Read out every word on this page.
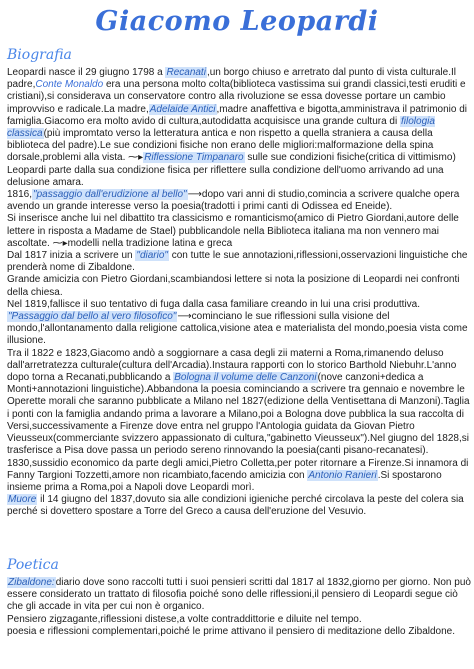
Giacomo Leopardi
Biografia

Leopardi nasce il 29 giugno 1798 a Recanati,un borgo chiuso e arretrato dal punto di vista culturale.Il padre,Conte Monaldo era una persona molto colta(biblioteca vastissima sui grandi classici,testi eruditi e cristiani),si considerava un conservatore contro alla rivoluzione se essa dovesse portare un cambio improvviso e radicale.La madre,Adelaide Antici,madre anaffettiva e bigotta,amministrava il patrimonio di famiglia.Giacomo era molto avido di cultura,autodidatta acquisisce una grande cultura di filologia classica(più impromtato verso la letteratura antica e non rispetto a quella straniera a causa della biblioteca del padre).Le sue condizioni fisiche non erano delle migliori:malformazione della spina dorsale,problemi alla vista. ⁓▸Riflessione Timpanaro sulle sue condizioni fisiche(critica di vittimismo)

Leopardi parte dalla sua condizione fisica per riflettere sulla condizione dell'uomo arrivando ad una delusione amara.

1816,"passaggio dall'erudizione al bello"⟶dopo vari anni di studio,comincia a scrivere qualche opera avendo un grande interesse verso la poesia(tradotti i primi canti di Odissea ed Eneide).

Si inserisce anche lui nel dibattito tra classicismo e romanticismo(amico di Pietro Giordani,autore delle lettere in risposta a Madame de Stael) pubblicandole nella Biblioteca italiana ma non vennero mai ascoltate. ⁓▸modelli nella tradizione latina e greca

Dal 1817 inizia a scrivere un "diario" con tutte le sue annotazioni,riflessioni,osservazioni linguistiche che prenderà nome di Zibaldone.

Grande amicizia con Pietro Giordani,scambiandosi lettere si nota la posizione di Leopardi nei confronti della chiesa.

Nel 1819,fallisce il suo tentativo di fuga dalla casa familiare creando in lui una crisi produttiva.

"Passaggio dal bello al vero filosofico"⟶cominciano le sue riflessioni sulla visione del mondo,l'allontanamento dalla religione cattolica,visione atea e materialista del mondo,poesia vista come illusione.

Tra il 1822 e 1823,Giacomo andò a soggiornare a casa degli zii materni a Roma,rimanendo deluso dall'arretratezza culturale(cultura dell'Arcadia).Instaura rapporti con lo storico Barthold Niebuhr.L'anno dopo torna a Recanati,pubblicando a Bologna il volume delle Canzoni(nove canzoni+dedica a Monti+annotazioni linguistiche).Abbandona la poesia cominciando a scrivere tra gennaio e novembre le Operette morali che saranno pubblicate a Milano nel 1827(edizione della Ventisettana di Manzoni).Taglia i ponti con la famiglia andando prima a lavorare a Milano,poi a Bologna dove pubblica la sua raccolta di Versi,successivamente a Firenze dove entra nel gruppo l'Antologia guidata da Giovan Pietro Vieusseux(commerciante svizzero appassionato di cultura,"gabinetto Vieusseux").Nel giugno del 1828,si trasferisce a Pisa dove passa un periodo sereno rinnovando la poesia(canti pisano-recanatesi).

1830,sussidio economico da parte degli amici,Pietro Colletta,per poter ritornare a Firenze.Si innamora di Fanny Targioni Tozzetti,amore non ricambiato,facendo amicizia con Antonio Ranieri.Si spostarono insieme prima a Roma,poi a Napoli dove Leopardi morì.

Muore il 14 giugno del 1837,dovuto sia alle condizioni igieniche perché circolava la peste del colera sia perché si dovettero spostare a Torre del Greco a causa dell'eruzione del Vesuvio.

Poetica

Zibaldone:diario dove sono raccolti tutti i suoi pensieri scritti dal 1817 al 1832,giorno per giorno. Non può essere considerato un trattato di filosofia poiché sono delle riflessioni,il pensiero di Leopardi segue ciò che gli accade in vita per cui non è organico.

Pensiero zigzagante,riflessioni distese,a volte contraddittorie e diluite nel tempo.

poesia e riflessioni complementari,poiché le prime attivano il pensiero di meditazione dello Zibaldone.
